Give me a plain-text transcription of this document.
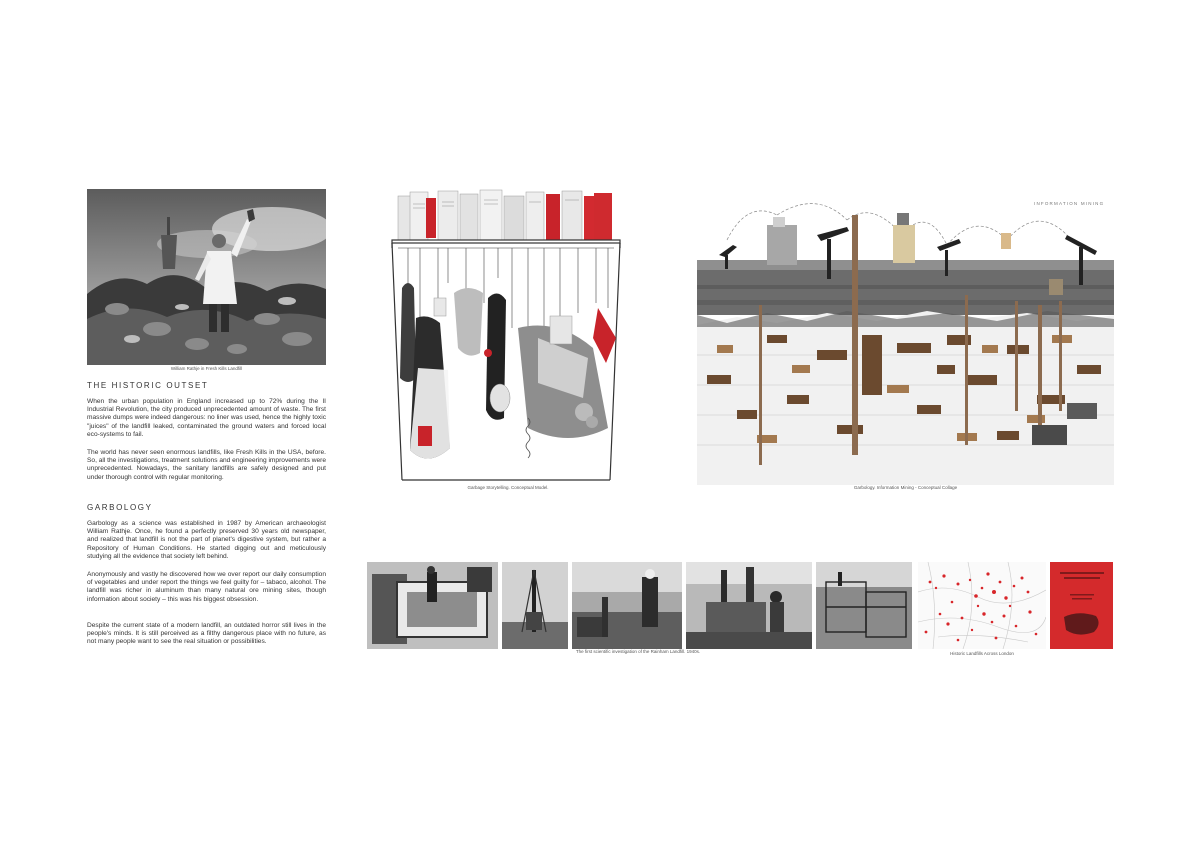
William Rathje in Fresh Kills Landfill
THE HISTORIC OUTSET

When the urban population in England increased up to 72% during the II Industrial Revolution, the city produced unprecedented amount of waste. The first massive dumps were indeed dangerous: no liner was used, hence the highly toxic "juices" of the landfill leaked, contaminated the ground waters and forced local eco-systems to fail.

The world has never seen enormous landfills, like Fresh Kills in the USA, before. So, all the investigations, treatment solutions and engineering improvements were unprecedented. Nowadays, the sanitary landfills are safely designed and put under thorough control with regular monitoring.

GARBOLOGY

Garbology as a science was established in 1987 by American archaeologist William Rathje. Once, he found a perfectly preserved 30 years old newspaper, and realized that landfill is not the part of planet's digestive system, but rather a Repository of Human Conditions. He started digging out and meticulously studying all the evidence that society left behind.

Anonymously and vastly he discovered how we over report our daily consumption of vegetables and under report the things we feel guilty for – tabaco, alcohol. The landfill was richer in aluminum than many natural ore mining sites, though information about society – this was his biggest obsession.

Despite the current state of a modern landfill, an outdated horror still lives in the people's minds. It is still perceived as a filthy dangerous place with no future, as not many people want to see the real situation or possibilities.

Garbage Storytelling. Conceptual Model.
INFORMATION MINING
Garbology. Information Mining - Conceptual Collage
The first scientific investigation of the Rainham Landfill. 1940s.	Historic Landfills Across London
